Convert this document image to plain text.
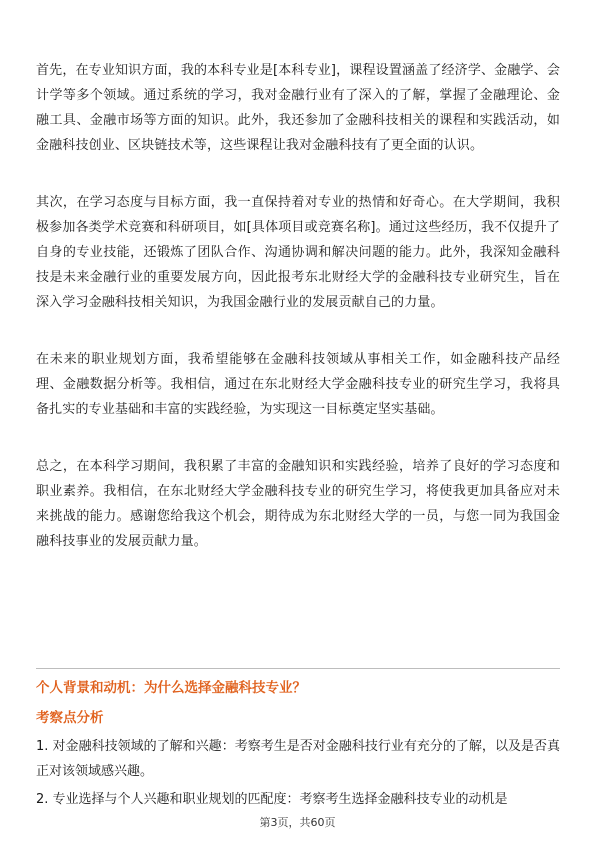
首先，在专业知识方面，我的本科专业是[本科专业]，课程设置涵盖了经济学、金融学、会计学等多个领域。通过系统的学习，我对金融行业有了深入的了解，掌握了金融理论、金融工具、金融市场等方面的知识。此外，我还参加了金融科技相关的课程和实践活动，如金融科技创业、区块链技术等，这些课程让我对金融科技有了更全面的认识。

其次，在学习态度与目标方面，我一直保持着对专业的热情和好奇心。在大学期间，我积极参加各类学术竞赛和科研项目，如[具体项目或竞赛名称]。通过这些经历，我不仅提升了自身的专业技能，还锻炼了团队合作、沟通协调和解决问题的能力。此外，我深知金融科技是未来金融行业的重要发展方向，因此报考东北财经大学的金融科技专业研究生，旨在深入学习金融科技相关知识，为我国金融行业的发展贡献自己的力量。

在未来的职业规划方面，我希望能够在金融科技领域从事相关工作，如金融科技产品经理、金融数据分析等。我相信，通过在东北财经大学金融科技专业的研究生学习，我将具备扎实的专业基础和丰富的实践经验，为实现这一目标奠定坚实基础。

总之，在本科学习期间，我积累了丰富的金融知识和实践经验，培养了良好的学习态度和职业素养。我相信，在东北财经大学金融科技专业的研究生学习，将使我更加具备应对未来挑战的能力。感谢您给我这个机会，期待成为东北财经大学的一员，与您一同为我国金融科技事业的发展贡献力量。

个人背景和动机：为什么选择金融科技专业？
考察点分析
1. 对金融科技领域的了解和兴趣：考察考生是否对金融科技行业有充分的了解，以及是否真正对该领域感兴趣。
2. 专业选择与个人兴趣和职业规划的匹配度：考察考生选择金融科技专业的动机是
第3页，共60页
